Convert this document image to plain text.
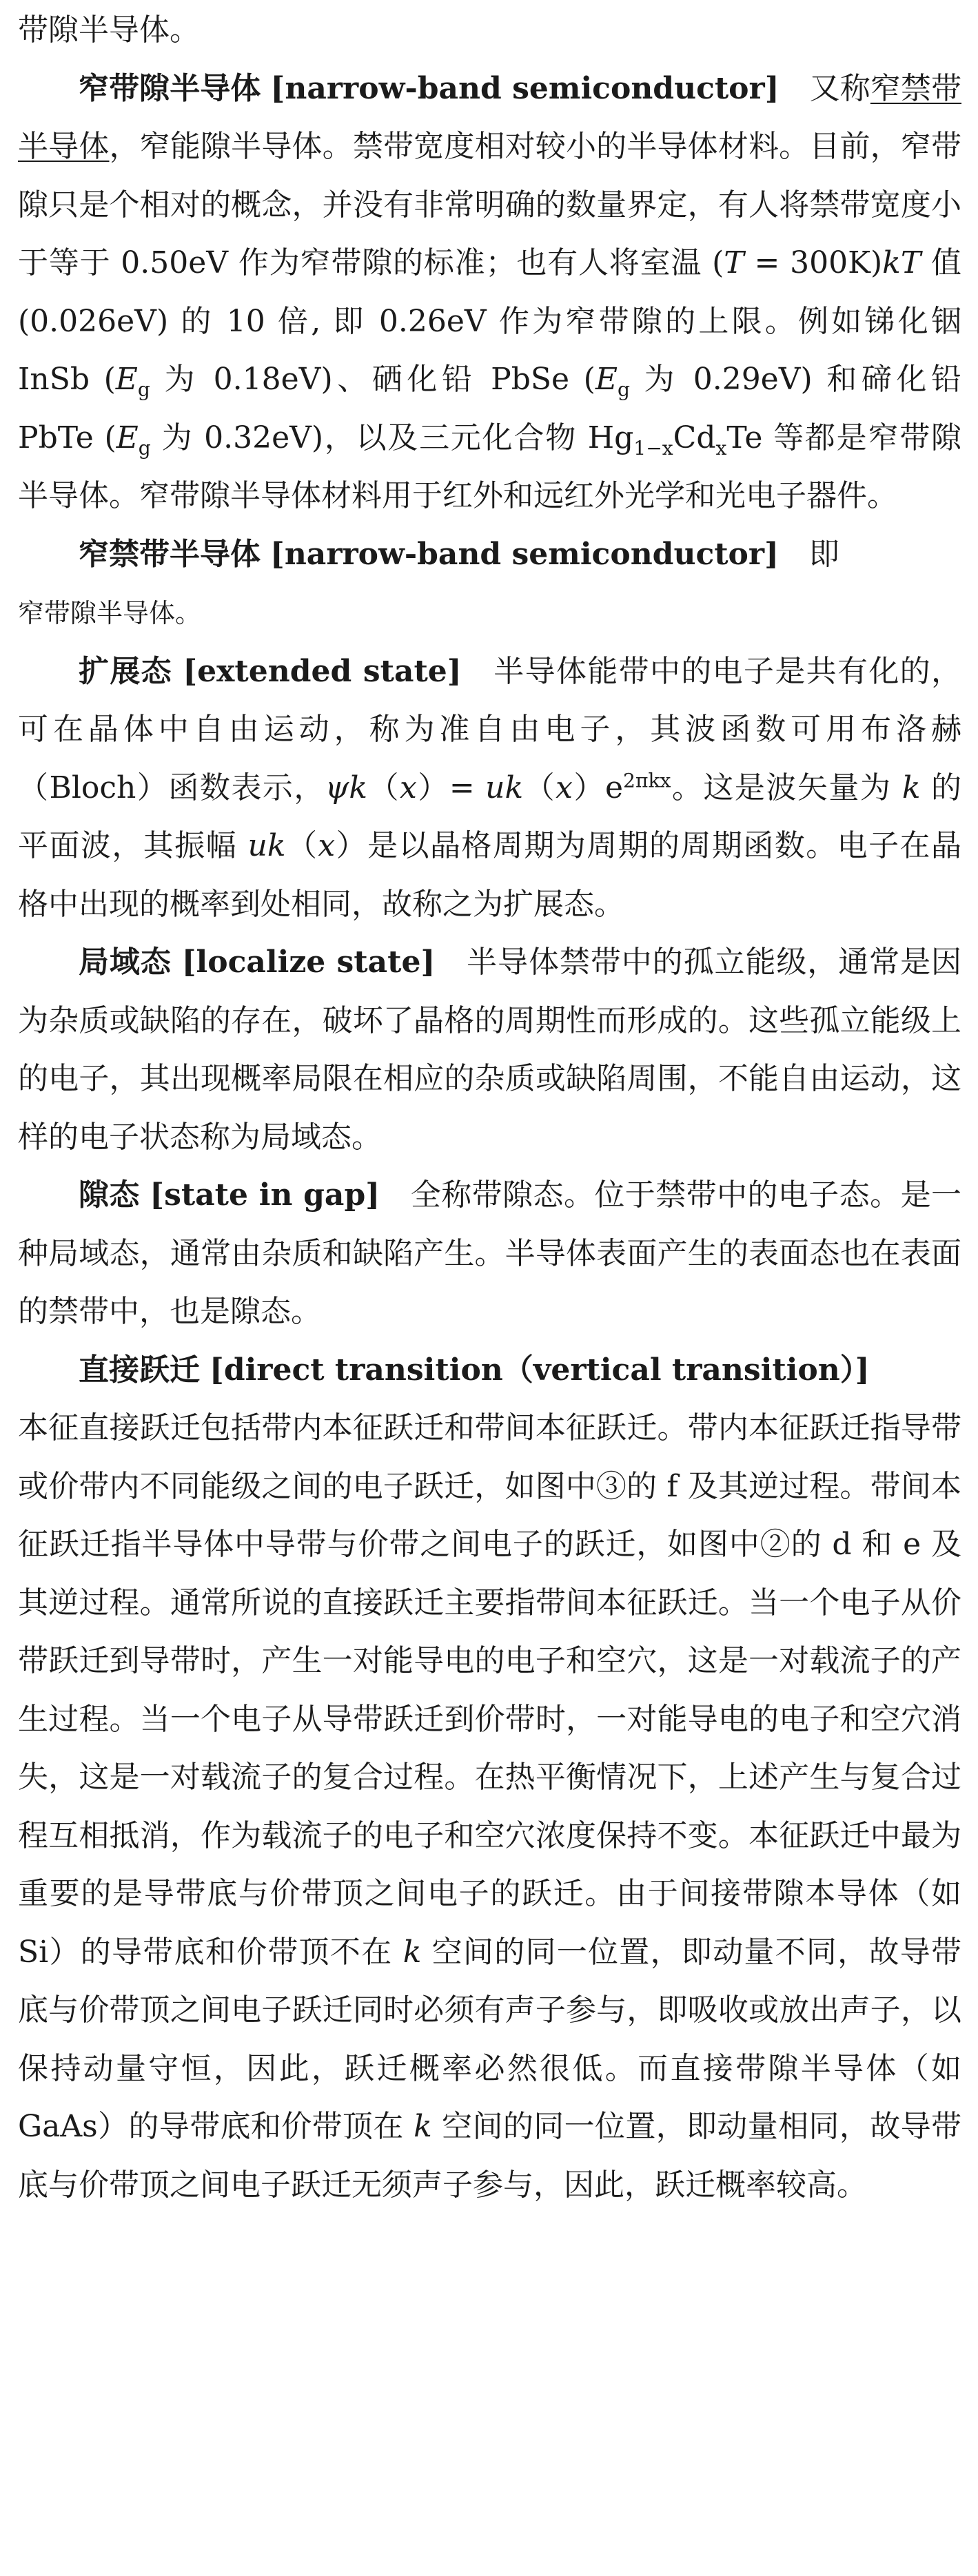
带隙半导体。

窄带隙半导体 [narrow-band semiconductor]　又称窄禁带半导体，窄能隙半导体。禁带宽度相对较小的半导体材料。目前，窄带隙只是个相对的概念，并没有非常明确的数量界定，有人将禁带宽度小于等于 0.50eV 作为窄带隙的标准；也有人将室温 (T = 300K)kT 值 (0.026eV) 的 10 倍, 即 0.26eV 作为窄带隙的上限。例如锑化铟 InSb ($E_g$ 为 0.18eV)、硒化铅 PbSe ($E_g$ 为 0.29eV) 和碲化铅 PbTe ($E_g$ 为 0.32eV)，以及三元化合物 $Hg_{1-x}Cd_xTe$ 等都是窄带隙半导体。窄带隙半导体材料用于红外和远红外光学和光电子器件。

窄禁带半导体 [narrow-band semiconductor]　即
窄带隙半导体。

扩展态 [extended state]　半导体能带中的电子是共有化的，可在晶体中自由运动，称为准自由电子，其波函数可用布洛赫（Bloch）函数表示，$\psi k(x)= uk(x)e^{2\pi kx}$。这是波矢量为 k 的平面波，其振幅 uk（x）是以晶格周期为周期的周期函数。电子在晶格中出现的概率到处相同，故称之为扩展态。

局域态 [localize state]　半导体禁带中的孤立能级，通常是因为杂质或缺陷的存在，破坏了晶格的周期性而形成的。这些孤立能级上的电子，其出现概率局限在相应的杂质或缺陷周围，不能自由运动，这样的电子状态称为局域态。

隙态 [state in gap]　全称带隙态。位于禁带中的电子态。是一种局域态，通常由杂质和缺陷产生。半导体表面产生的表面态也在表面的禁带中，也是隙态。

直接跃迁 [direct transition（vertical transition）]
本征直接跃迁包括带内本征跃迁和带间本征跃迁。带内本征跃迁指导带或价带内不同能级之间的电子跃迁，如图中③的 f 及其逆过程。带间本征跃迁指半导体中导带与价带之间电子的跃迁，如图中②的 d 和 e 及其逆过程。通常所说的直接跃迁主要指带间本征跃迁。当一个电子从价带跃迁到导带时，产生一对能导电的电子和空穴，这是一对载流子的产生过程。当一个电子从导带跃迁到价带时，一对能导电的电子和空穴消失，这是一对载流子的复合过程。在热平衡情况下，上述产生与复合过程互相抵消，作为载流子的电子和空穴浓度保持不变。本征跃迁中最为重要的是导带底与价带顶之间电子的跃迁。由于间接带隙本导体（如 Si）的导带底和价带顶不在 k 空间的同一位置，即动量不同，故导带底与价带顶之间电子跃迁同时必须有声子参与，即吸收或放出声子，以保持动量守恒，因此，跃迁概率必然很低。而直接带隙半导体（如 GaAs）的导带底和价带顶在 k 空间的同一位置，即动量相同，故导带底与价带顶之间电子跃迁无须声子参与，因此，跃迁概率较高。
